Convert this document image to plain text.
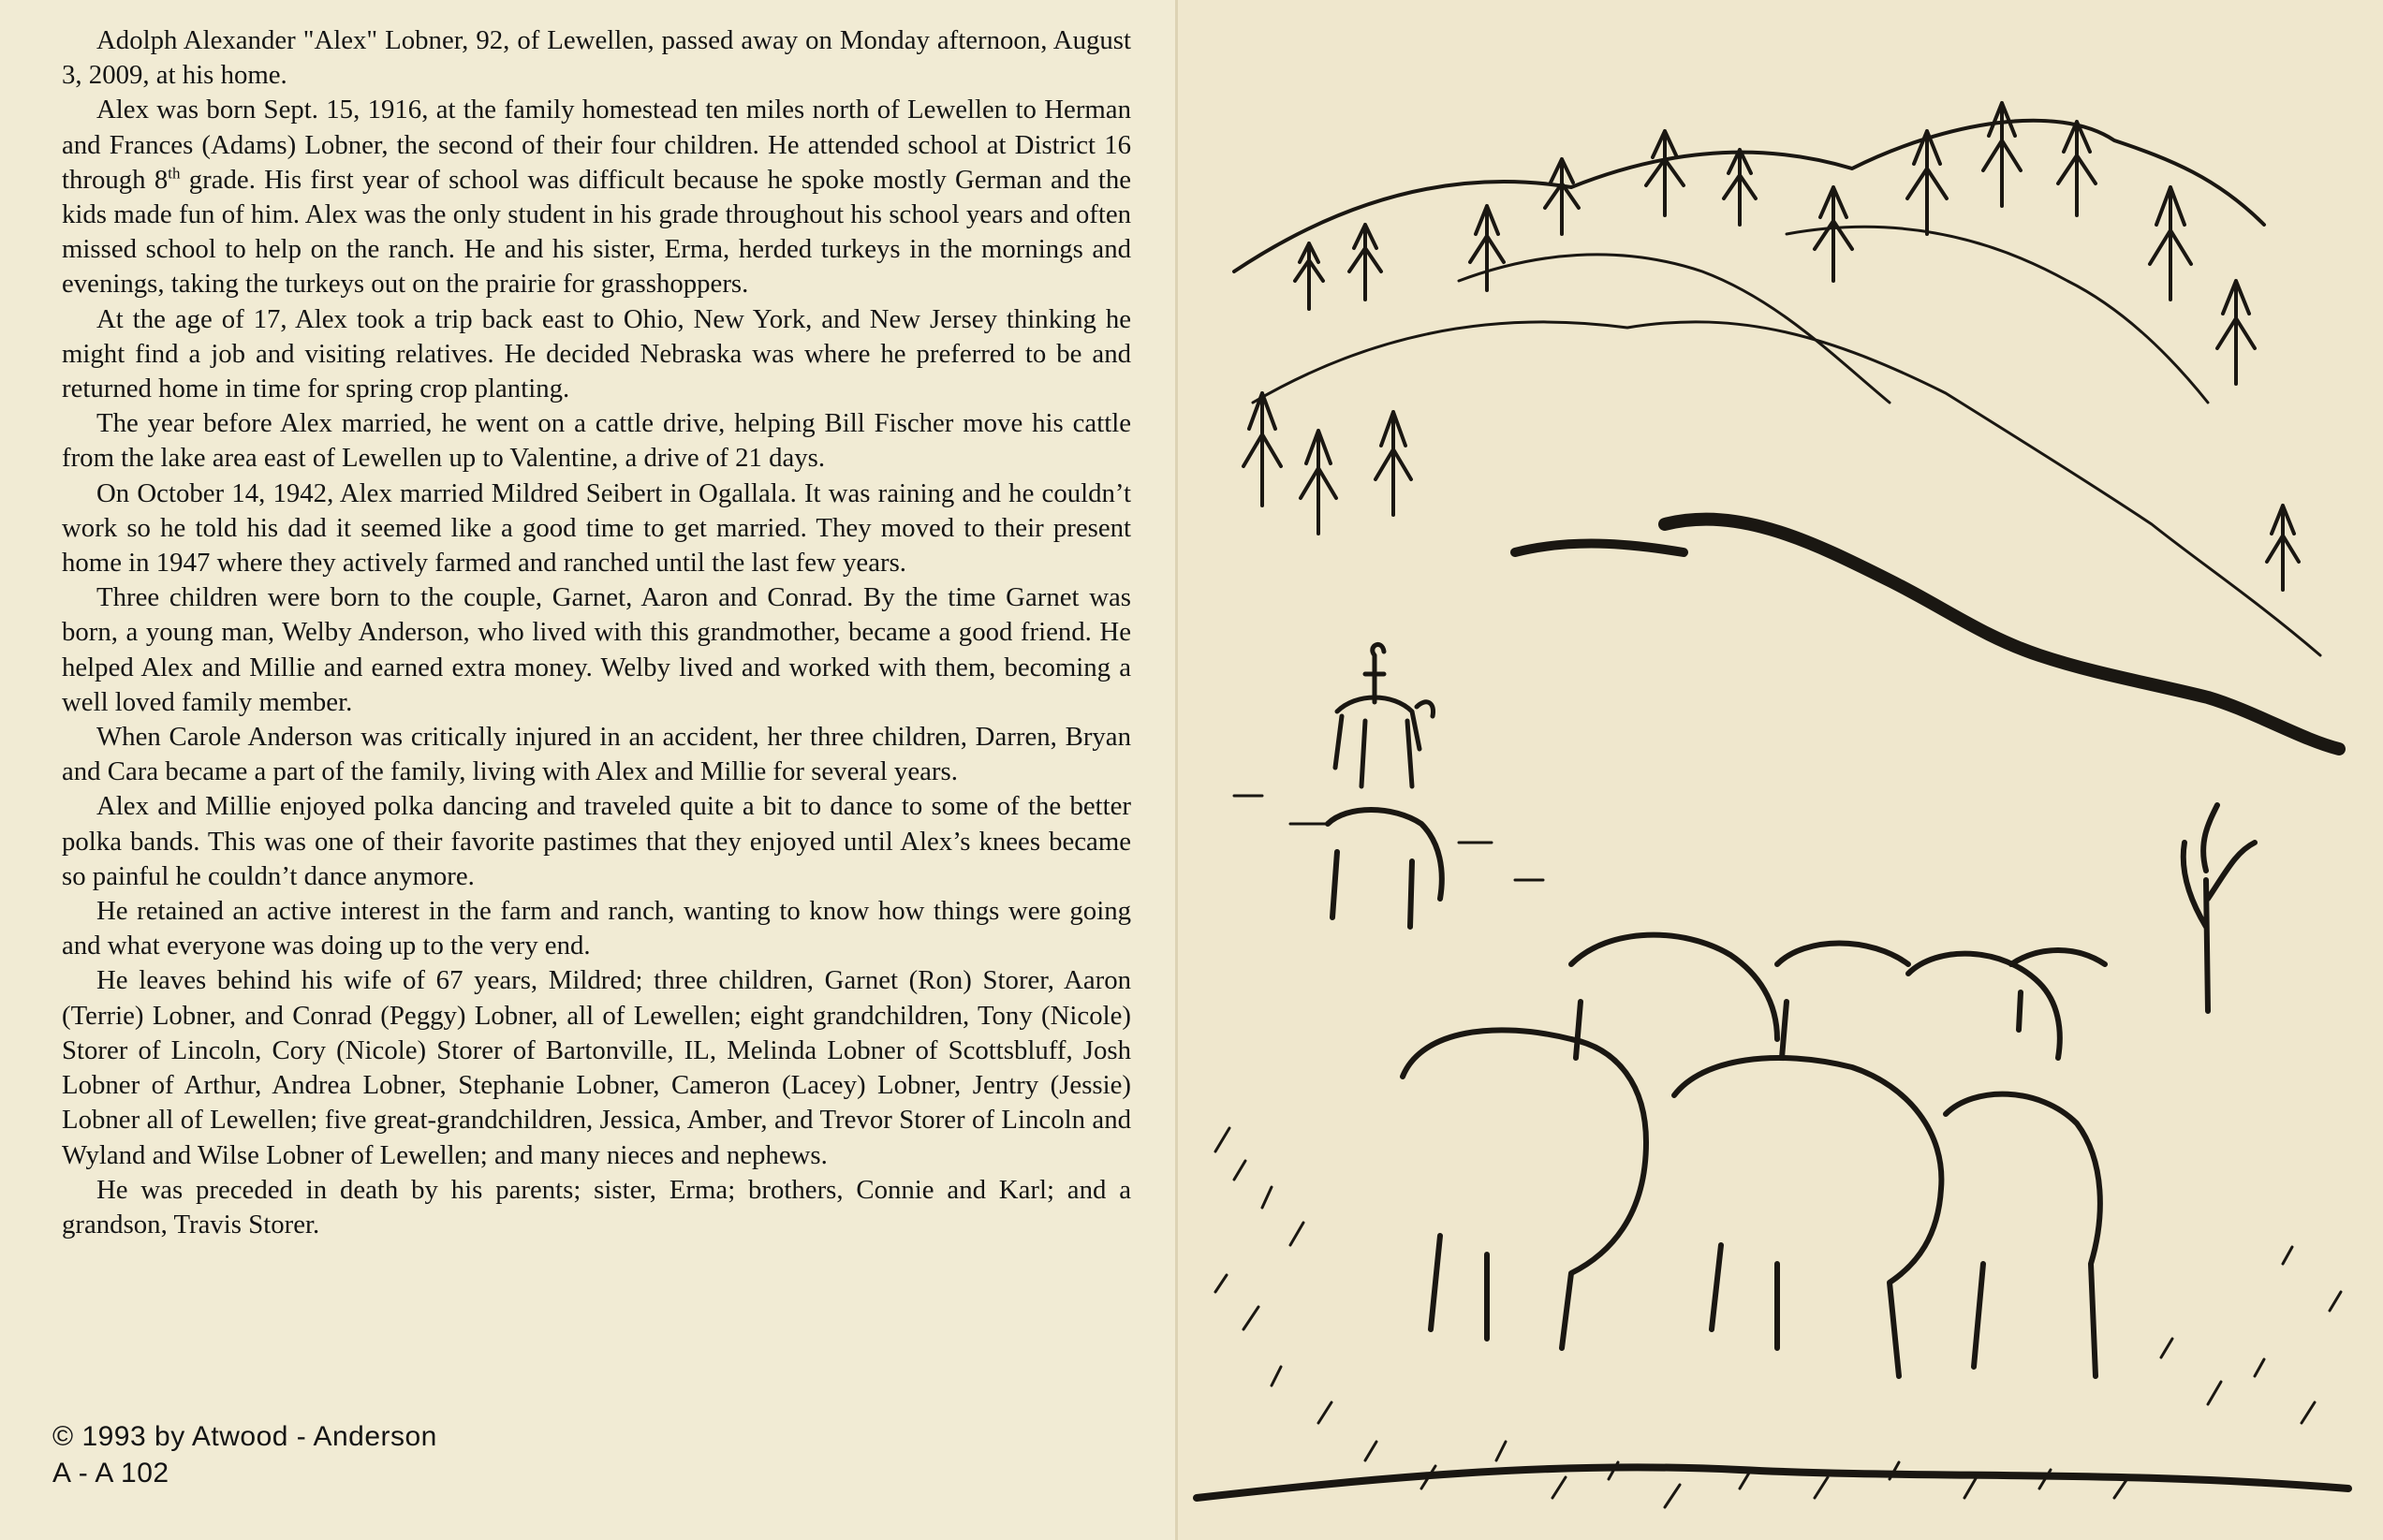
Adolph Alexander "Alex" Lobner, 92, of Lewellen, passed away on Monday afternoon, August 3, 2009, at his home.

Alex was born Sept. 15, 1916, at the family homestead ten miles north of Lewellen to Herman and Frances (Adams) Lobner, the second of their four children. He attended school at District 16 through 8th grade. His first year of school was difficult because he spoke mostly German and the kids made fun of him. Alex was the only student in his grade throughout his school years and often missed school to help on the ranch. He and his sister, Erma, herded turkeys in the mornings and evenings, taking the turkeys out on the prairie for grasshoppers.

At the age of 17, Alex took a trip back east to Ohio, New York, and New Jersey thinking he might find a job and visiting relatives. He decided Nebraska was where he preferred to be and returned home in time for spring crop planting.

The year before Alex married, he went on a cattle drive, helping Bill Fischer move his cattle from the lake area east of Lewellen up to Valentine, a drive of 21 days.

On October 14, 1942, Alex married Mildred Seibert in Ogallala. It was raining and he couldn’t work so he told his dad it seemed like a good time to get married. They moved to their present home in 1947 where they actively farmed and ranched until the last few years.

Three children were born to the couple, Garnet, Aaron and Conrad. By the time Garnet was born, a young man, Welby Anderson, who lived with this grandmother, became a good friend. He helped Alex and Millie and earned extra money. Welby lived and worked with them, becoming a well loved family member.

When Carole Anderson was critically injured in an accident, her three children, Darren, Bryan and Cara became a part of the family, living with Alex and Millie for several years.

Alex and Millie enjoyed polka dancing and traveled quite a bit to dance to some of the better polka bands. This was one of their favorite pastimes that they enjoyed until Alex’s knees became so painful he couldn’t dance anymore.

He retained an active interest in the farm and ranch, wanting to know how things were going and what everyone was doing up to the very end.

He leaves behind his wife of 67 years, Mildred; three children, Garnet (Ron) Storer, Aaron (Terrie) Lobner, and Conrad (Peggy) Lobner, all of Lewellen; eight grandchildren, Tony (Nicole) Storer of Lincoln, Cory (Nicole) Storer of Bartonville, IL, Melinda Lobner of Scottsbluff, Josh Lobner of Arthur, Andrea Lobner, Stephanie Lobner, Cameron (Lacey) Lobner, Jentry (Jessie) Lobner all of Lewellen; five great-grandchildren, Jessica, Amber, and Trevor Storer of Lincoln and Wyland and Wilse Lobner of Lewellen; and many nieces and nephews.

He was preceded in death by his parents; sister, Erma; brothers, Connie and Karl; and a grandson, Travis Storer.

© 1993 by Atwood - Anderson
A - A 102
